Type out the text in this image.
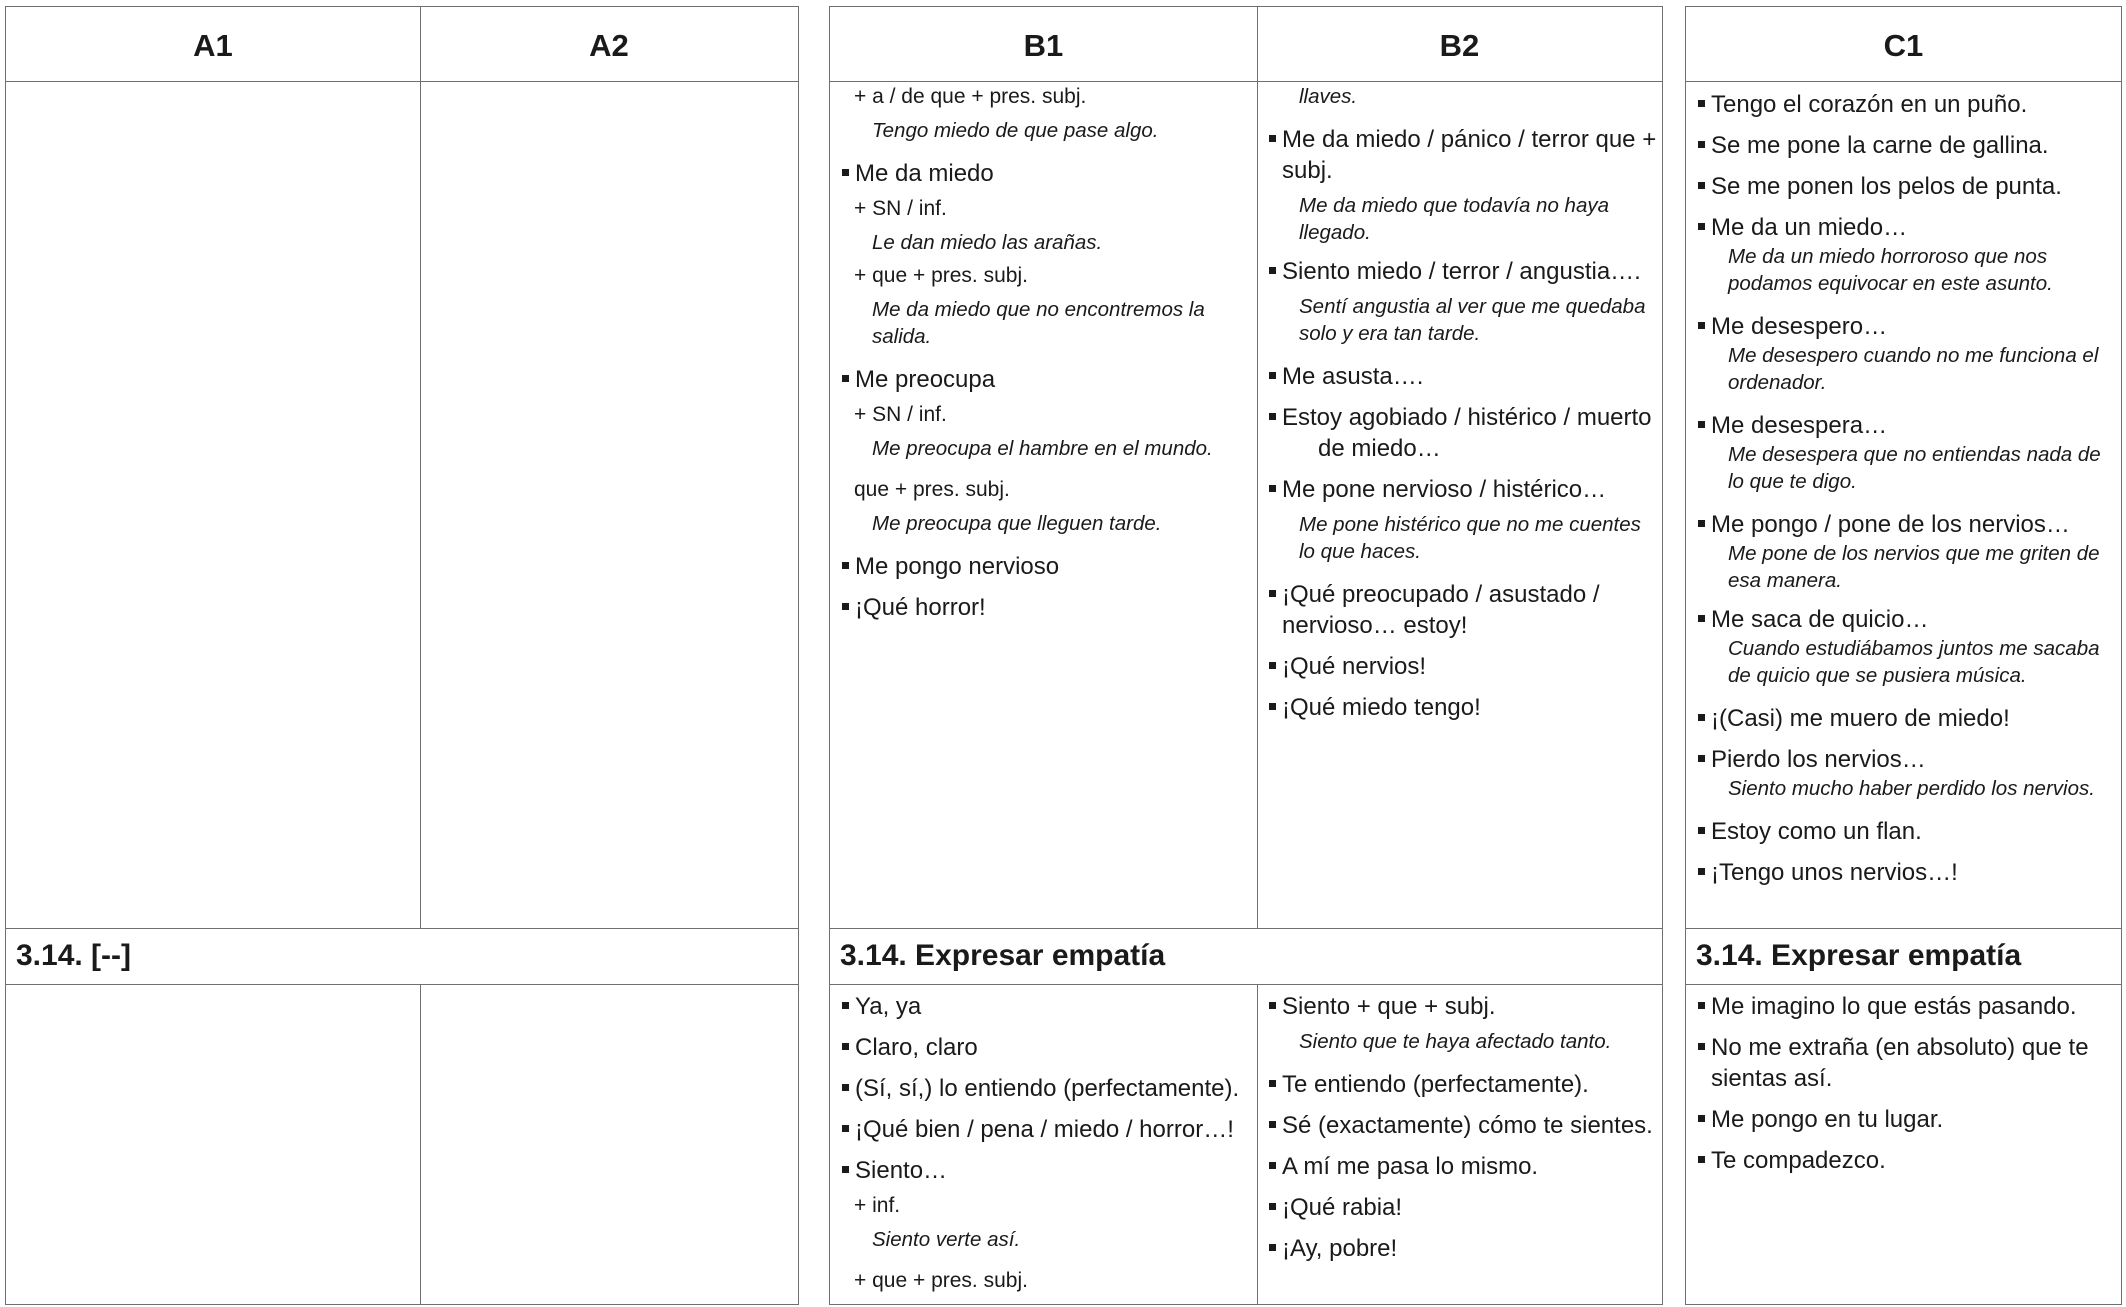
A1	A2
3.14. [--]
B1	B2
3.14. Expresar empatía
+ a / de que + pres. subj.
Tengo miedo de que pase algo.
Me da miedo
+ SN / inf.
Le dan miedo las arañas.
+ que + pres. subj.
Me da miedo que no encontremos la salida.
Me preocupa
+ SN / inf.
Me preocupa el hambre en el mundo.
que + pres. subj.
Me preocupa que lleguen tarde.
Me pongo nervioso
¡Qué horror!
llaves.
Me da miedo / pánico / terror que + subj.
Me da miedo que todavía no haya llegado.
Siento miedo / terror / angustia….
Sentí angustia al ver que me quedaba solo y era tan tarde.
Me asusta….
Estoy agobiado / histérico / muerto
de miedo…
Me pone nervioso / histérico…
Me pone histérico que no me cuentes lo que haces.
¡Qué preocupado / asustado / nervioso… estoy!
¡Qué nervios!
¡Qué miedo tengo!
Ya, ya
Claro, claro
(Sí, sí,) lo entiendo (perfectamente).
¡Qué bien / pena / miedo / horror…!
Siento…
+ inf.
Siento verte así.
+ que + pres. subj.
Siento + que + subj.
Siento que te haya afectado tanto.
Te entiendo (perfectamente).
Sé (exactamente) cómo te sientes.
A mí me pasa lo mismo.
¡Qué rabia!
¡Ay, pobre!
C1
3.14. Expresar empatía
Tengo el corazón en un puño.
Se me pone la carne de gallina.
Se me ponen los pelos de punta.
Me da un miedo…
Me da un miedo horroroso que nos podamos equivocar en este asunto.
Me desespero…
Me desespero cuando no me funciona el ordenador.
Me desespera…
Me desespera que no entiendas nada de lo que te digo.
Me pongo / pone de los nervios…
Me pone de los nervios que me griten de esa manera.
Me saca de quicio…
Cuando estudiábamos juntos me sacaba de quicio que se pusiera música.
¡(Casi) me muero de miedo!
Pierdo los nervios…
Siento mucho haber perdido los nervios.
Estoy como un flan.
¡Tengo unos nervios…!
Me imagino lo que estás pasando.
No me extraña (en absoluto) que te sientas así.
Me pongo en tu lugar.
Te compadezco.
